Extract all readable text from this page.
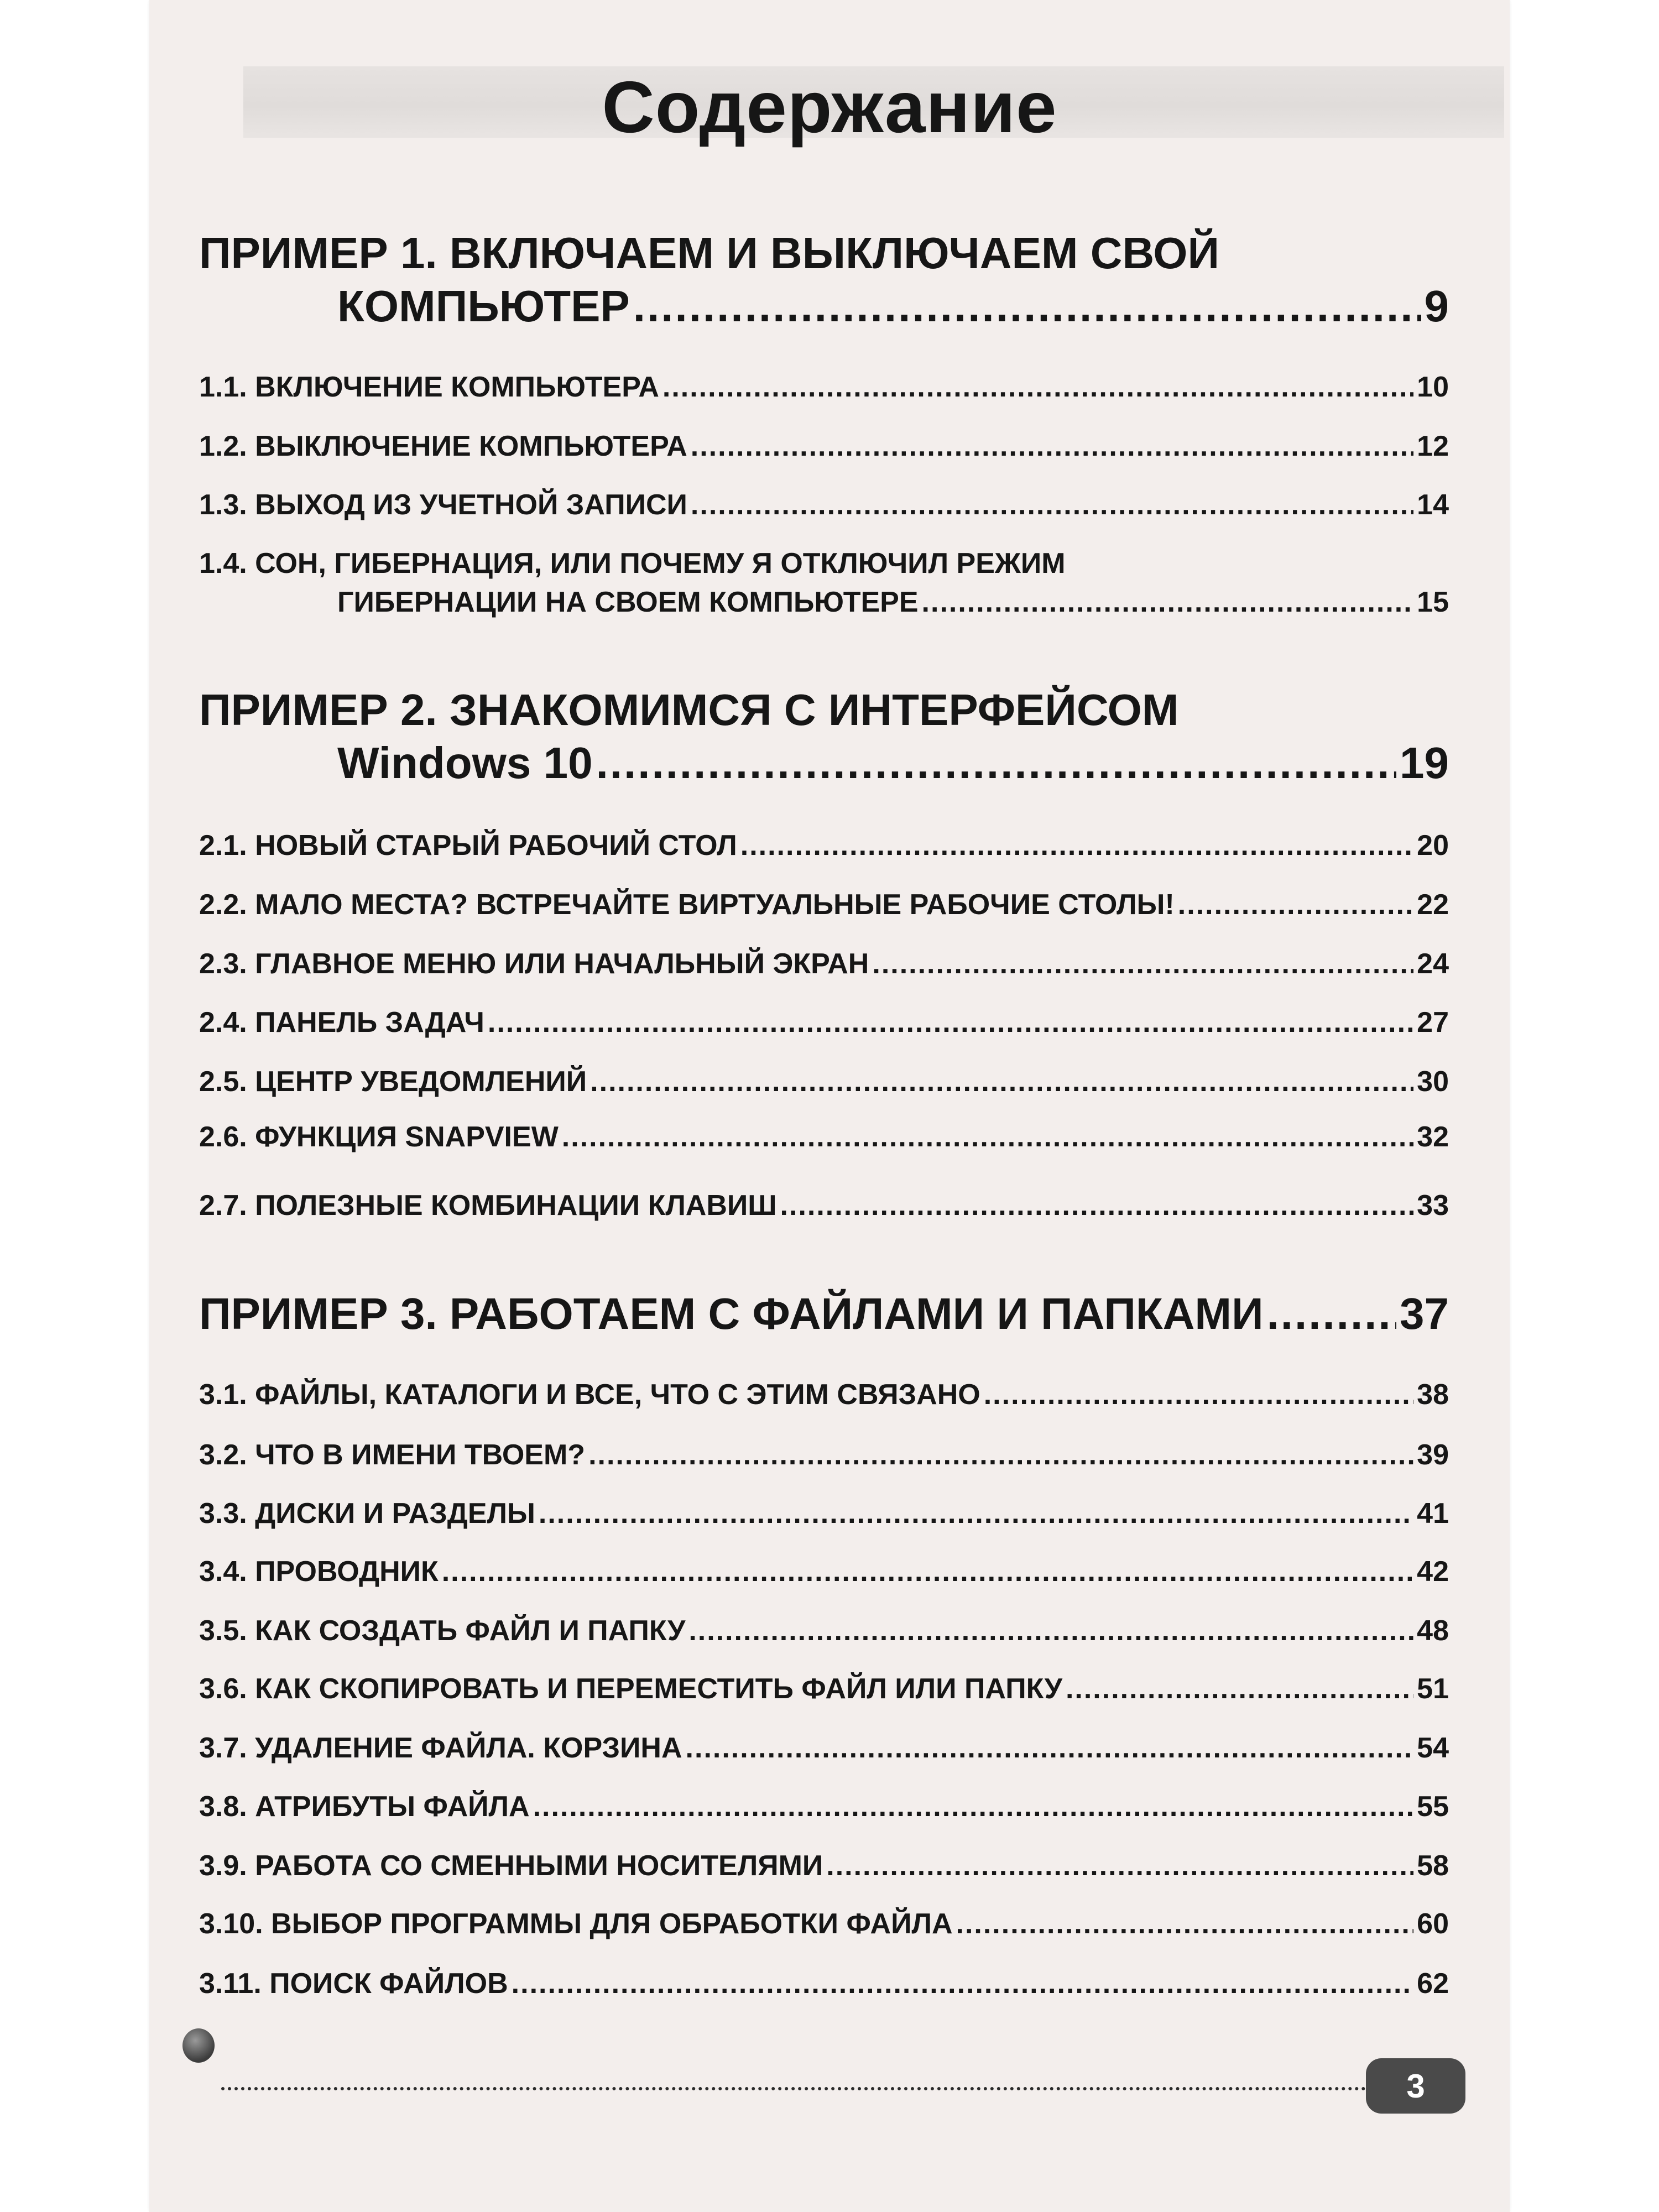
Содержание
ПРИМЕР 1. ВКЛЮЧАЕМ И ВЫКЛЮЧАЕМ СВОЙ
КОМПЬЮТЕР .....	9
1.1. ВКЛЮЧЕНИЕ КОМПЬЮТЕРА .....	10
1.2. ВЫКЛЮЧЕНИЕ КОМПЬЮТЕРА .....	12
1.3. ВЫХОД ИЗ УЧЕТНОЙ ЗАПИСИ .....	14
1.4. СОН, ГИБЕРНАЦИЯ, ИЛИ ПОЧЕМУ Я ОТКЛЮЧИЛ РЕЖИМ
ГИБЕРНАЦИИ НА СВОЕМ КОМПЬЮТЕРЕ .....	15
ПРИМЕР 2. ЗНАКОМИМСЯ С ИНТЕРФЕЙСОМ
Windows 10 .....	19
2.1. НОВЫЙ СТАРЫЙ РАБОЧИЙ СТОЛ .....	20
2.2. МАЛО МЕСТА? ВСТРЕЧАЙТЕ ВИРТУАЛЬНЫЕ РАБОЧИЕ СТОЛЫ! .....	22
2.3. ГЛАВНОЕ МЕНЮ ИЛИ НАЧАЛЬНЫЙ ЭКРАН .....	24
2.4. ПАНЕЛЬ ЗАДАЧ .....	27
2.5. ЦЕНТР УВЕДОМЛЕНИЙ .....	30
2.6. ФУНКЦИЯ SNAPVIEW .....	32
2.7. ПОЛЕЗНЫЕ КОМБИНАЦИИ КЛАВИШ .....	33
ПРИМЕР 3. РАБОТАЕМ С ФАЙЛАМИ И ПАПКАМИ .....	37
3.1. ФАЙЛЫ, КАТАЛОГИ И ВСЕ, ЧТО С ЭТИМ СВЯЗАНО .....	38
3.2. ЧТО В ИМЕНИ ТВОЕМ? .....	39
3.3. ДИСКИ И РАЗДЕЛЫ .....	41
3.4. ПРОВОДНИК .....	42
3.5. КАК СОЗДАТЬ ФАЙЛ И ПАПКУ .....	48
3.6. КАК СКОПИРОВАТЬ И ПЕРЕМЕСТИТЬ ФАЙЛ ИЛИ ПАПКУ .....	51
3.7. УДАЛЕНИЕ ФАЙЛА. КОРЗИНА .....	54
3.8. АТРИБУТЫ ФАЙЛА .....	55
3.9. РАБОТА СО СМЕННЫМИ НОСИТЕЛЯМИ .....	58
3.10. ВЫБОР ПРОГРАММЫ ДЛЯ ОБРАБОТКИ ФАЙЛА .....	60
3.11. ПОИСК ФАЙЛОВ .....	62
3
